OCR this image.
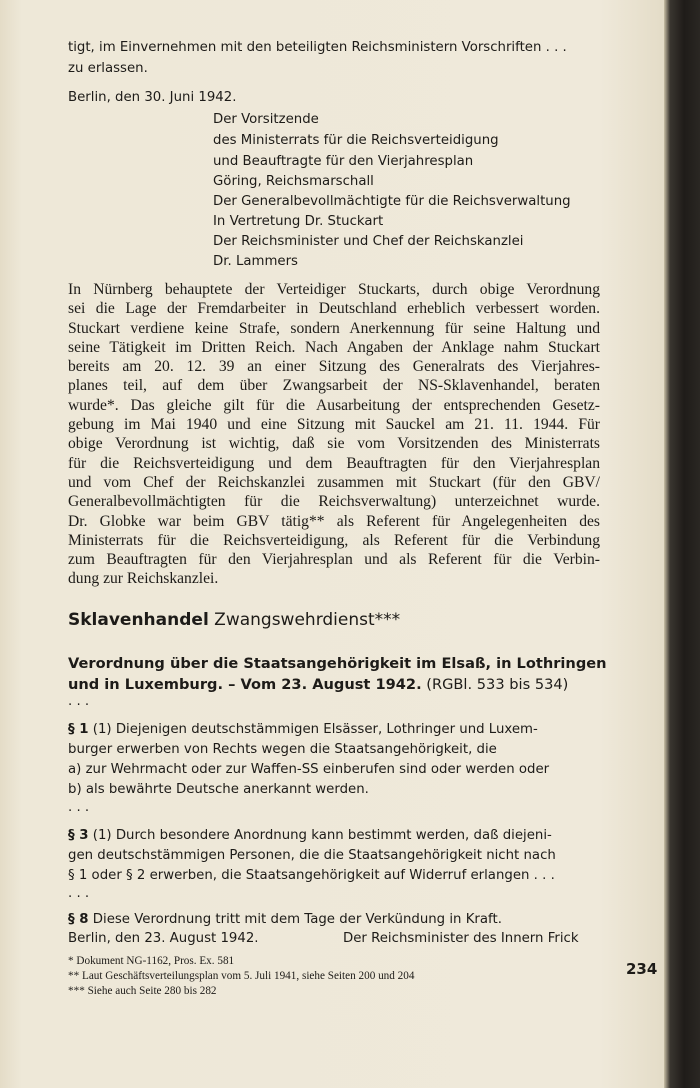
tigt, im Einvernehmen mit den beteiligten Reichsministern Vorschriften . . .
zu erlassen.
Berlin, den 30. Juni 1942.
Der Vorsitzende
des Ministerrats für die Reichsverteidigung
und Beauftragte für den Vierjahresplan
Göring, Reichsmarschall
Der Generalbevollmächtigte für die Reichsverwaltung
In Vertretung Dr. Stuckart
Der Reichsminister und Chef der Reichskanzlei
Dr. Lammers
In Nürnberg behauptete der Verteidiger Stuckarts, durch obige Verordnung
sei die Lage der Fremdarbeiter in Deutschland erheblich verbessert worden.
Stuckart verdiene keine Strafe, sondern Anerkennung für seine Haltung und
seine Tätigkeit im Dritten Reich. Nach Angaben der Anklage nahm Stuckart
bereits am 20. 12. 39 an einer Sitzung des Generalrats des Vierjahres-
planes teil, auf dem über Zwangsarbeit der NS-Sklavenhandel, beraten
wurde*. Das gleiche gilt für die Ausarbeitung der entsprechenden Gesetz-
gebung im Mai 1940 und eine Sitzung mit Sauckel am 21. 11. 1944. Für
obige Verordnung ist wichtig, daß sie vom Vorsitzenden des Ministerrats
für die Reichsverteidigung und dem Beauftragten für den Vierjahresplan
und vom Chef der Reichskanzlei zusammen mit Stuckart (für den GBV/
Generalbevollmächtigten für die Reichsverwaltung) unterzeichnet wurde.
Dr. Globke war beim GBV tätig** als Referent für Angelegenheiten des
Ministerrats für die Reichsverteidigung, als Referent für die Verbindung
zum Beauftragten für den Vierjahresplan und als Referent für die Verbin-
dung zur Reichskanzlei.
Sklavenhandel Zwangswehrdienst***
Verordnung über die Staatsangehörigkeit im Elsaß, in Lothringen
und in Luxemburg. – Vom 23. August 1942. (RGBl. 533 bis 534)
. . .
§ 1 (1) Diejenigen deutschstämmigen Elsässer, Lothringer und Luxem-
burger erwerben von Rechts wegen die Staatsangehörigkeit, die
a) zur Wehrmacht oder zur Waffen-SS einberufen sind oder werden oder
b) als bewährte Deutsche anerkannt werden.
. . .
§ 3 (1) Durch besondere Anordnung kann bestimmt werden, daß diejeni-
gen deutschstämmigen Personen, die die Staatsangehörigkeit nicht nach
§ 1 oder § 2 erwerben, die Staatsangehörigkeit auf Widerruf erlangen . . .
. . .
§ 8 Diese Verordnung tritt mit dem Tage der Verkündung in Kraft.
Berlin, den 23. August 1942.	Der Reichsminister des Innern Frick
* Dokument NG-1162, Pros. Ex. 581
** Laut Geschäftsverteilungsplan vom 5. Juli 1941, siehe Seiten 200 und 204
*** Siehe auch Seite 280 bis 282
234
